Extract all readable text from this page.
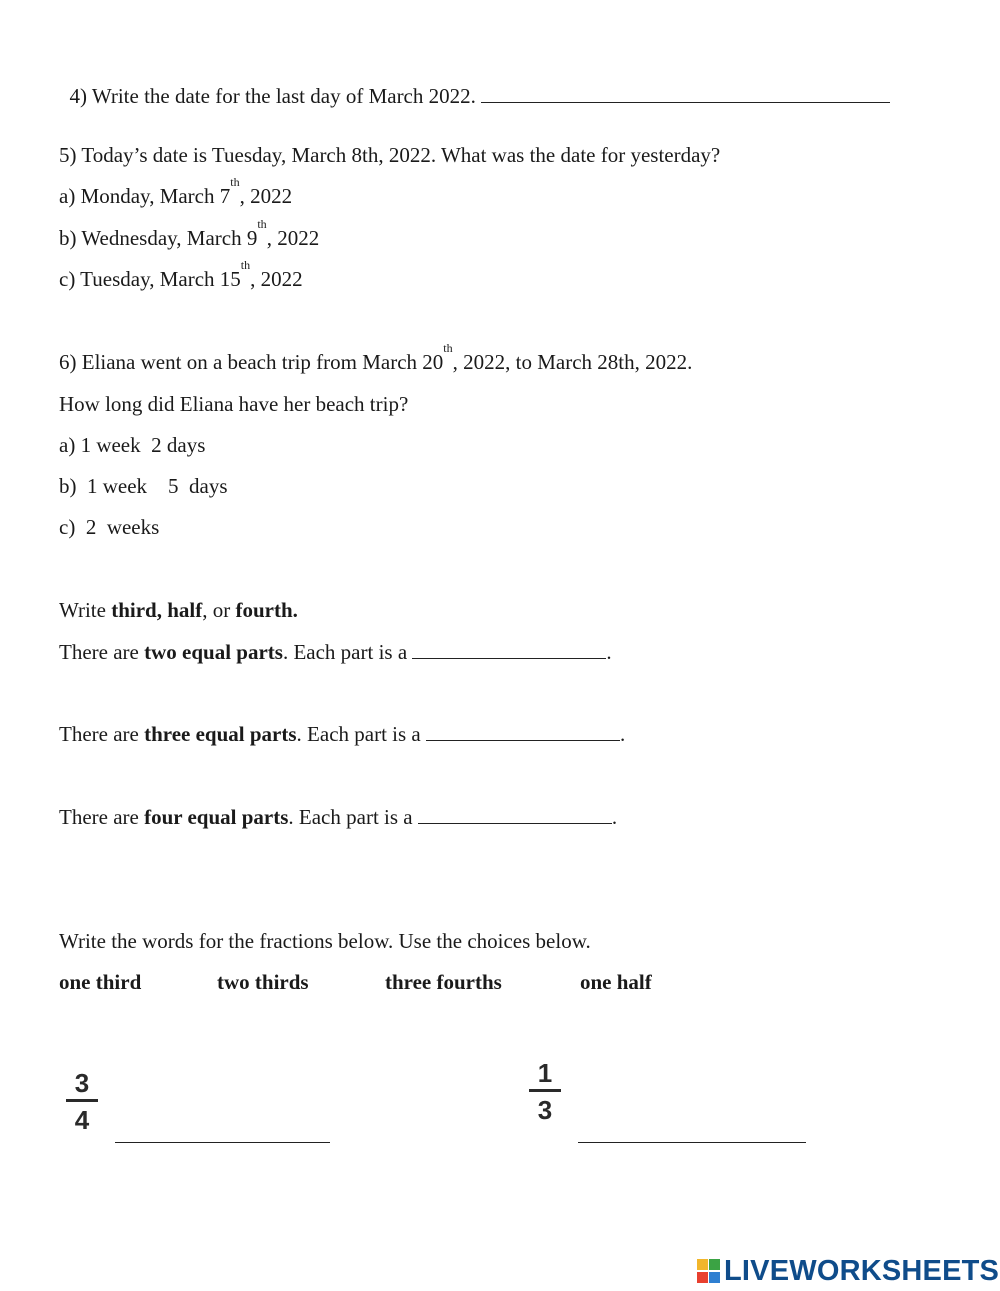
4) Write the date for the last day of March 2022.

5) Today’s date is Tuesday, March 8th, 2022. What was the date for yesterday?
a) Monday, March 7th, 2022
b) Wednesday, March 9th, 2022
c) Tuesday, March 15th, 2022
6) Eliana went on a beach trip from March 20th, 2022, to March 28th, 2022.
How long did Eliana have her beach trip?
a) 1 week  2 days
b)  1 week    5  days
c)  2  weeks
Write third, half, or fourth.
There are two equal parts. Each part is a	.
There are three equal parts. Each part is a	.
There are four equal parts. Each part is a	.
Write the words for the fractions below. Use the choices below.

one third

	two thirds

	three fourths

	one half

3
4
1
3
LIVEWORKSHEETS
